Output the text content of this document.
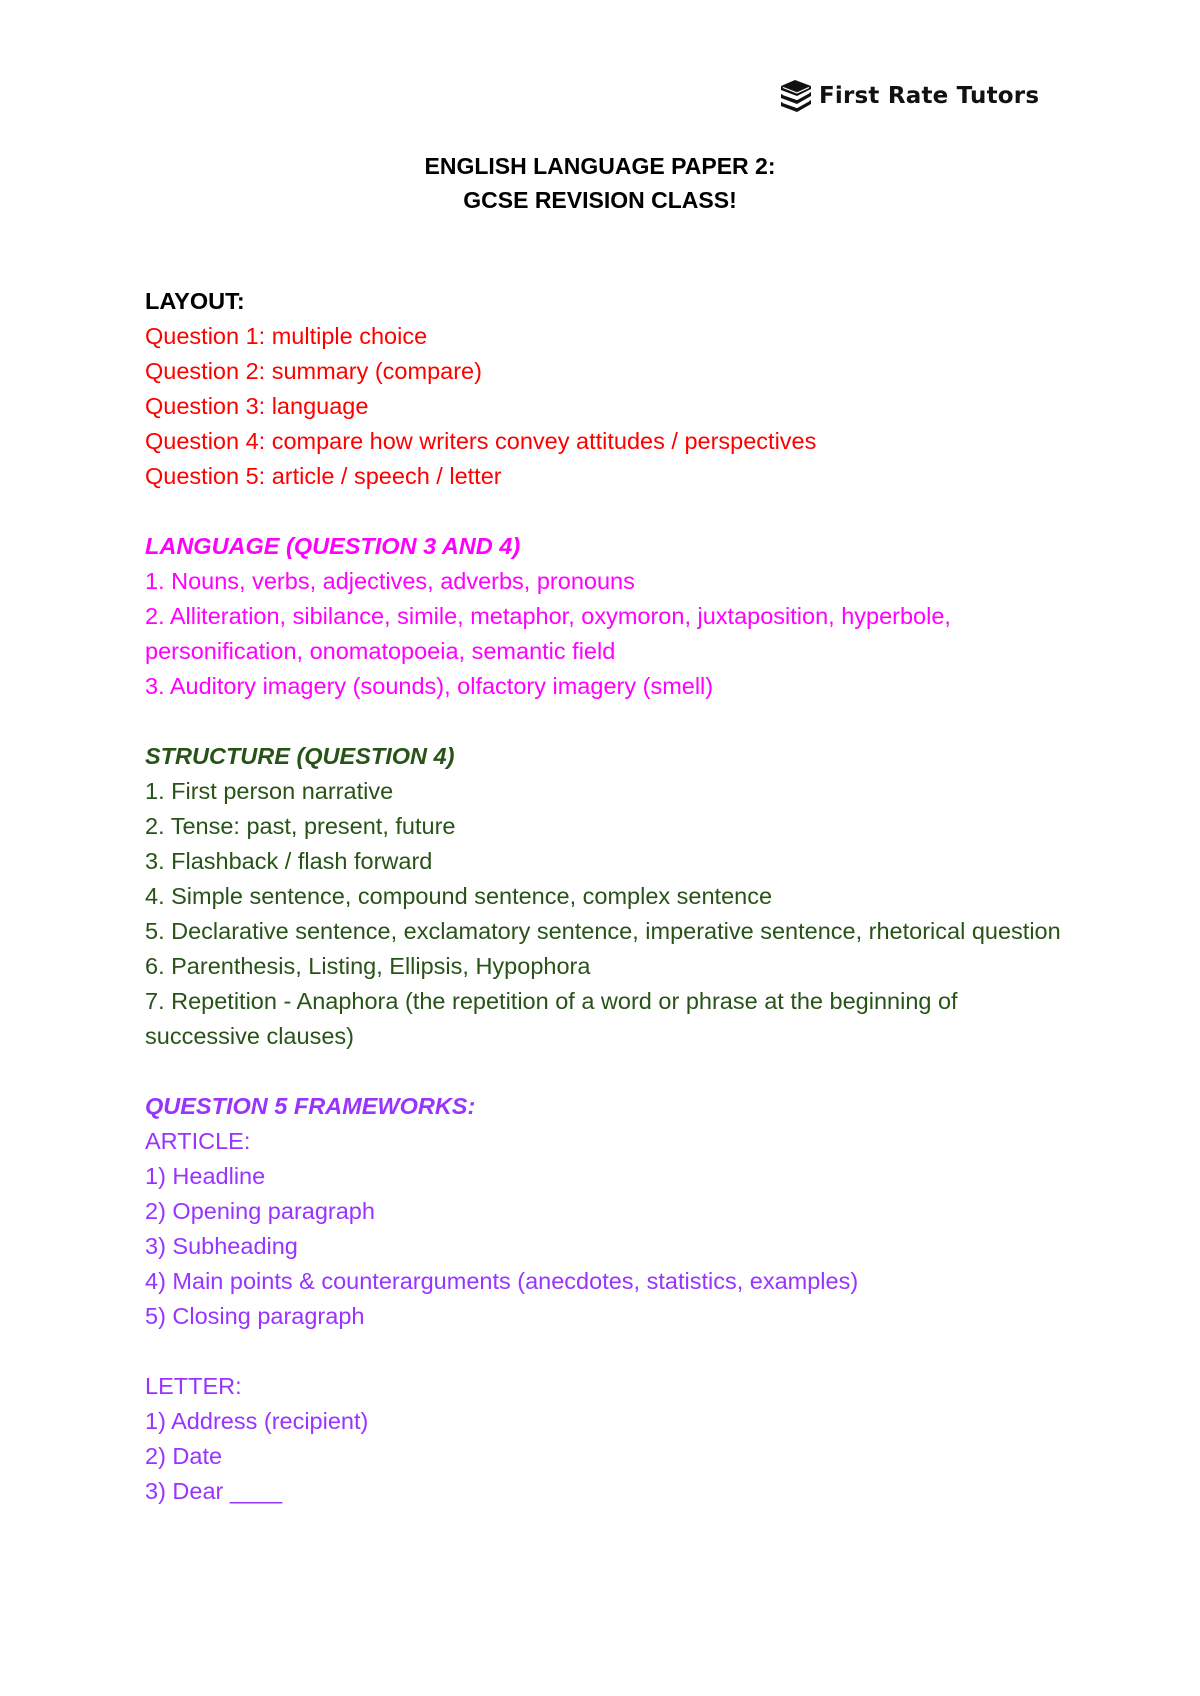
First Rate Tutors
ENGLISH LANGUAGE PAPER 2:
GCSE REVISION CLASS!
LAYOUT:
Question 1: multiple choice
Question 2: summary (compare)
Question 3: language
Question 4: compare how writers convey attitudes / perspectives
Question 5: article / speech / letter
LANGUAGE (QUESTION 3 AND 4)
1. Nouns, verbs, adjectives, adverbs, pronouns
2. Alliteration, sibilance, simile, metaphor, oxymoron, juxtaposition, hyperbole, personification, onomatopoeia, semantic field
3. Auditory imagery (sounds), olfactory imagery (smell)
STRUCTURE (QUESTION 4)
1. First person narrative
2. Tense: past, present, future
3. Flashback / flash forward
4. Simple sentence, compound sentence, complex sentence
5. Declarative sentence, exclamatory sentence, imperative sentence, rhetorical question
6. Parenthesis, Listing, Ellipsis, Hypophora
7. Repetition - Anaphora (the repetition of a word or phrase at the beginning of successive clauses)
QUESTION 5 FRAMEWORKS:
ARTICLE:
1) Headline
2) Opening paragraph
3) Subheading
4) Main points & counterarguments (anecdotes, statistics, examples)
5) Closing paragraph
LETTER:
1) Address (recipient)
2) Date
3) Dear ____
